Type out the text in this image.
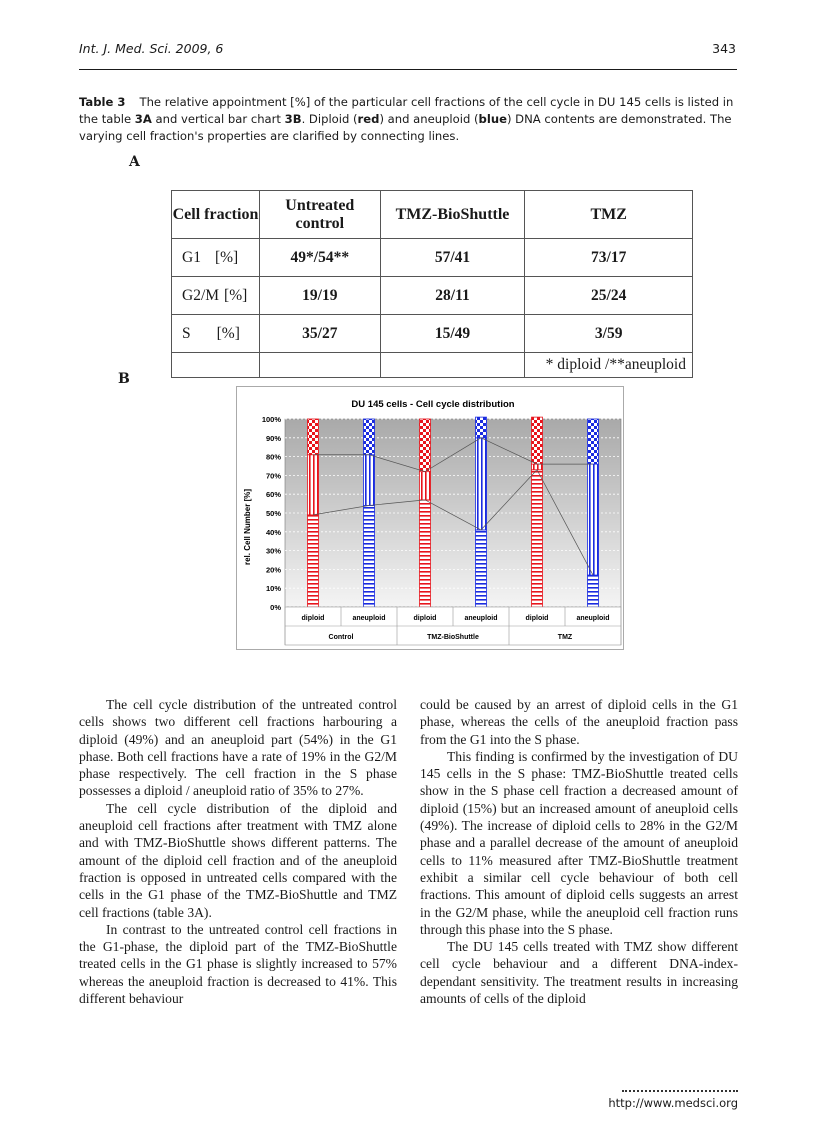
Int. J. Med. Sci. 2009, 6	343
Table 3 The relative appointment [%] of the particular cell fractions of the cell cycle in DU 145 cells is listed in the table 3A and vertical bar chart 3B. Diploid (red) and aneuploid (blue) DNA contents are demonstrated. The varying cell fraction's properties are clarified by connecting lines.
A
Cell fraction	Untreated control	TMZ-BioShuttle	TMZ
G1 [%]	49*/54**	57/41	73/17
G2/M [%]	19/19	28/11	25/24
S [%]	35/27	15/49	3/59
			* diploid /**aneuploid
B
DU 145 cells - Cell cycle distribution
rel. Cell Number [%]
0%
10%
20%
30%
40%
50%
60%
70%
80%
90%
100%
diploid	aneuploid	diploid	aneuploid	diploid	aneuploid
Control	TMZ-BioShuttle	TMZ

The cell cycle distribution of the untreated control cells shows two different cell fractions harbouring a diploid (49%) and an aneuploid part (54%) in the G1 phase. Both cell fractions have a rate of 19% in the G2/M phase respectively. The cell fraction in the S phase possesses a diploid / aneuploid ratio of 35% to 27%.

The cell cycle distribution of the diploid and aneuploid cell fractions after treatment with TMZ alone and with TMZ-BioShuttle shows different patterns. The amount of the diploid cell fraction and of the aneuploid fraction is opposed in untreated cells compared with the cells in the G1 phase of the TMZ-BioShuttle and TMZ cell fractions (table 3A).

In contrast to the untreated control cell fractions in the G1-phase, the diploid part of the TMZ-BioShuttle treated cells in the G1 phase is slightly increased to 57% whereas the aneuploid fraction is decreased to 41%. This different behaviour

could be caused by an arrest of diploid cells in the G1 phase, whereas the cells of the aneuploid fraction pass from the G1 into the S phase.

This finding is confirmed by the investigation of DU 145 cells in the S phase: TMZ-BioShuttle treated cells show in the S phase cell fraction a decreased amount of diploid (15%) but an increased amount of aneuploid cells (49%). The increase of diploid cells to 28% in the G2/M phase and a parallel decrease of the amount of aneuploid cells to 11% measured after TMZ-BioShuttle treatment exhibit a similar cell cycle behaviour of both cell fractions. This amount of diploid cells suggests an arrest in the G2/M phase, while the aneuploid cell fraction runs through this phase into the S phase.

The DU 145 cells treated with TMZ show different cell cycle behaviour and a different DNA-index-dependant sensitivity. The treatment results in increasing amounts of cells of the diploid

http://www.medsci.org
